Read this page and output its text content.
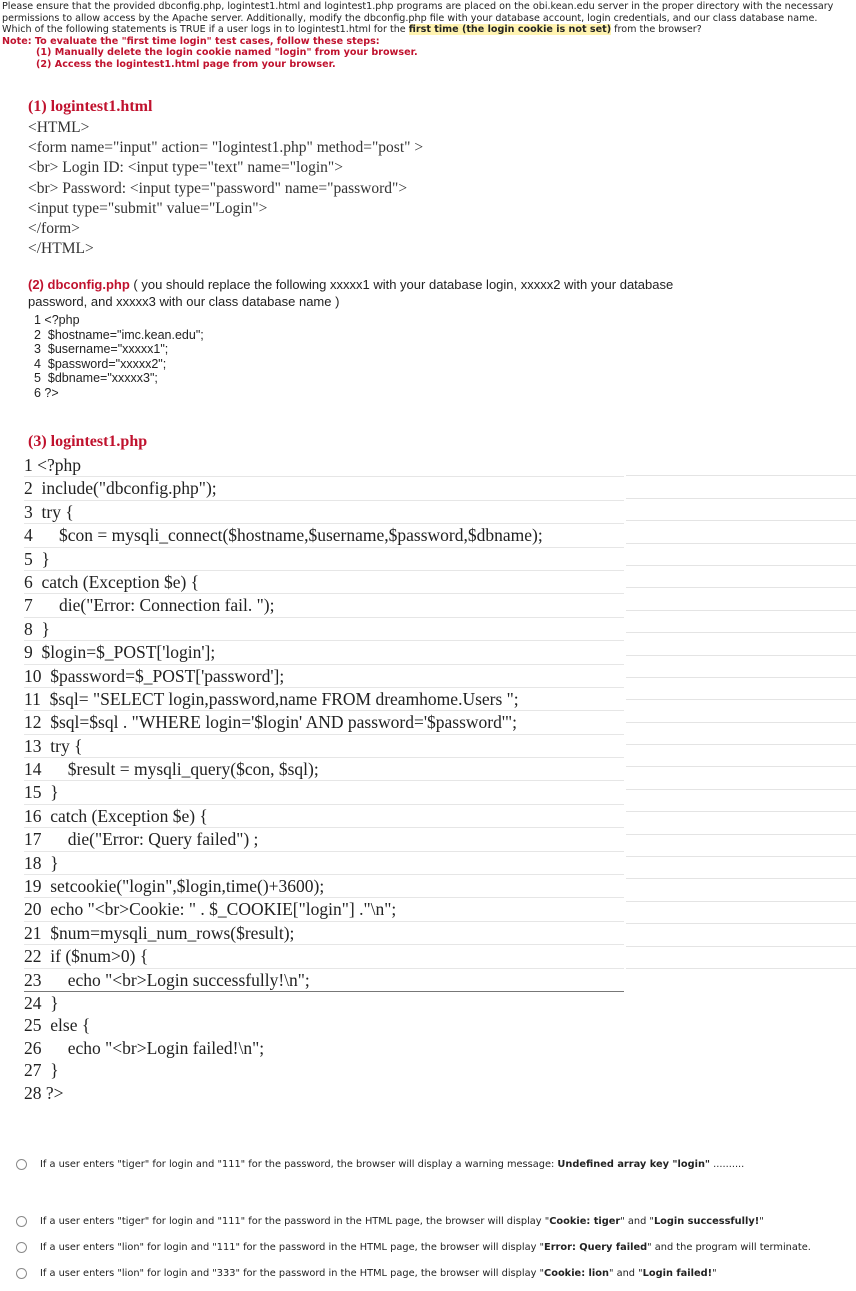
Please ensure that the provided dbconfig.php, logintest1.html and logintest1.php programs are placed on the obi.kean.edu server in the proper directory with the necessary
permissions to allow access by the Apache server. Additionally, modify the dbconfig.php file with your database account, login credentials, and our class database name.
Which of the following statements is TRUE if a user logs in to logintest1.html for the first time (the login cookie is not set) from the browser?
Note: To evaluate the "first time login" test cases, follow these steps:
(1) Manually delete the login cookie named "login" from your browser.
(2) Access the logintest1.html page from your browser.
(1) logintest1.html
<HTML>
<form name="input" action= "logintest1.php" method="post" >
<br> Login ID: <input type="text" name="login">
<br> Password: <input type="password" name="password">
<input type="submit" value="Login">
</form>
</HTML>
(2) dbconfig.php ( you should replace the following xxxxx1 with your database login, xxxxx2 with your database
password, and xxxxx3 with our class database name )
1 <?php
2  $hostname="imc.kean.edu";
3  $username="xxxxx1";
4  $password="xxxxx2";
5  $dbname="xxxxx3";
6 ?>
(3) logintest1.php
1 <?php
2  include("dbconfig.php");
3  try {
4      $con = mysqli_connect($hostname,$username,$password,$dbname);
5  }
6  catch (Exception $e) {
7      die("Error: Connection fail. ");
8  }
9  $login=$_POST['login'];
10  $password=$_POST['password'];
11  $sql= "SELECT login,password,name FROM dreamhome.Users ";
12  $sql=$sql . "WHERE login='$login' AND password='$password'";
13  try {
14      $result = mysqli_query($con, $sql);
15  }
16  catch (Exception $e) {
17      die("Error: Query failed") ;
18  }
19  setcookie("login",$login,time()+3600);
20  echo "<br>Cookie: " . $_COOKIE["login"] ."\n";
21  $num=mysqli_num_rows($result);
22  if ($num>0) {
23      echo "<br>Login successfully!\n";
24  }
25  else {
26      echo "<br>Login failed!\n";
27  }
28 ?>
If a user enters "tiger" for login and "111" for the password, the browser will display a warning message: Undefined array key "login" ..........
If a user enters "tiger" for login and "111" for the password in the HTML page, the browser will display "Cookie: tiger" and "Login successfully!"
If a user enters "lion" for login and "111" for the password in the HTML page, the browser will display "Error: Query failed" and the program will terminate.
If a user enters "lion" for login and "333" for the password in the HTML page, the browser will display "Cookie: lion" and "Login failed!"
